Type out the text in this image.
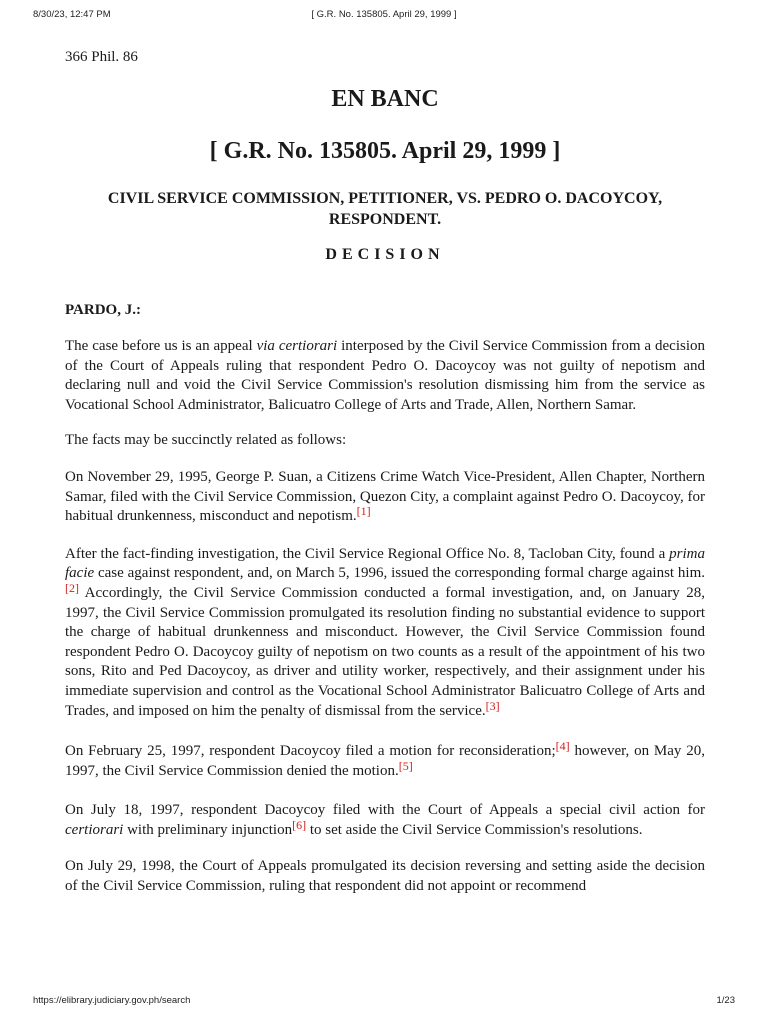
8/30/23, 12:47 PM	[ G.R. No. 135805. April 29, 1999 ]

366 Phil. 86

EN BANC
[ G.R. No. 135805. April 29, 1999 ]
CIVIL SERVICE COMMISSION, PETITIONER, VS. PEDRO O. DACOYCOY, RESPONDENT.
DECISION

PARDO, J.:

The case before us is an appeal via certiorari interposed by the Civil Service Commission from a decision of the Court of Appeals ruling that respondent Pedro O. Dacoycoy was not guilty of nepotism and declaring null and void the Civil Service Commission's resolution dismissing him from the service as Vocational School Administrator, Balicuatro College of Arts and Trade, Allen, Northern Samar.

The facts may be succinctly related as follows:

On November 29, 1995, George P. Suan, a Citizens Crime Watch Vice-President, Allen Chapter, Northern Samar, filed with the Civil Service Commission, Quezon City, a complaint against Pedro O. Dacoycoy, for habitual drunkenness, misconduct and nepotism.[1]

After the fact-finding investigation, the Civil Service Regional Office No. 8, Tacloban City, found a prima facie case against respondent, and, on March 5, 1996, issued the corresponding formal charge against him.[2] Accordingly, the Civil Service Commission conducted a formal investigation, and, on January 28, 1997, the Civil Service Commission promulgated its resolution finding no substantial evidence to support the charge of habitual drunkenness and misconduct. However, the Civil Service Commission found respondent Pedro O. Dacoycoy guilty of nepotism on two counts as a result of the appointment of his two sons, Rito and Ped Dacoycoy, as driver and utility worker, respectively, and their assignment under his immediate supervision and control as the Vocational School Administrator Balicuatro College of Arts and Trades, and imposed on him the penalty of dismissal from the service.[3]

On February 25, 1997, respondent Dacoycoy filed a motion for reconsideration;[4] however, on May 20, 1997, the Civil Service Commission denied the motion.[5]

On July 18, 1997, respondent Dacoycoy filed with the Court of Appeals a special civil action for certiorari with preliminary injunction[6] to set aside the Civil Service Commission's resolutions.

On July 29, 1998, the Court of Appeals promulgated its decision reversing and setting aside the decision of the Civil Service Commission, ruling that respondent did not appoint or recommend

https://elibrary.judiciary.gov.ph/search	1/23
